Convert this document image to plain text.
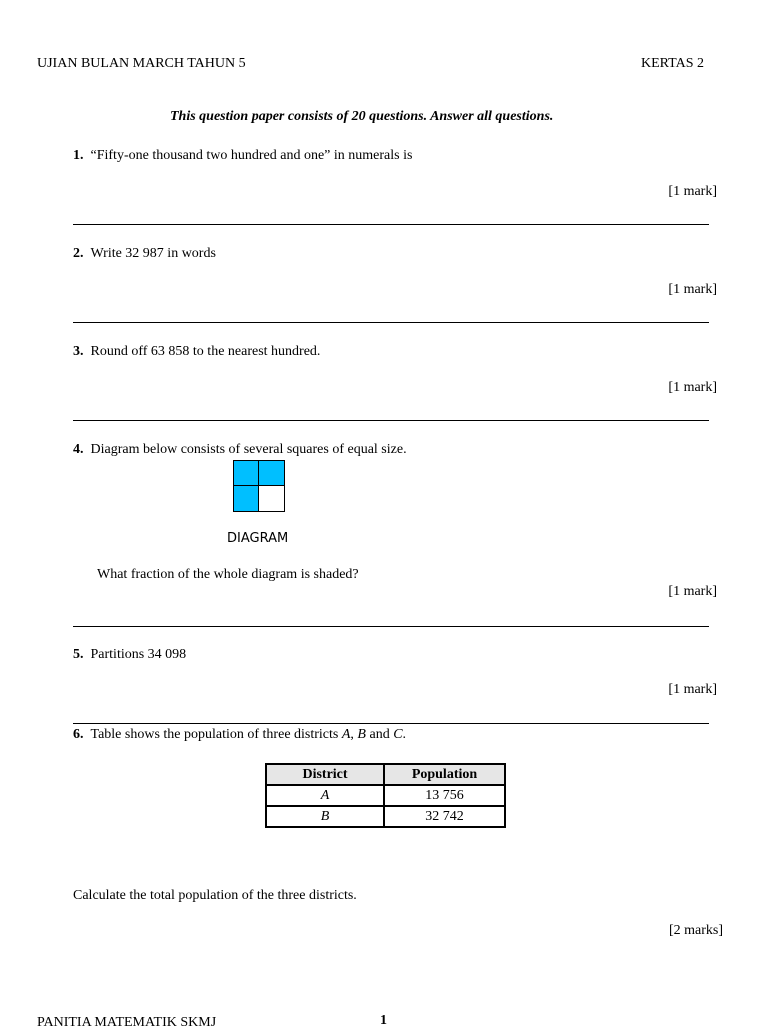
UJIAN BULAN MARCH TAHUN 5	KERTAS 2
This question paper consists of 20 questions. Answer all questions.
1. “Fifty-one thousand two hundred and one” in numerals is
[1 mark]
2. Write 32 987 in words
[1 mark]
3. Round off 63 858 to the nearest hundred.
[1 mark]
4. Diagram below consists of several squares of equal size.
DIAGRAM
What fraction of the whole diagram is shaded?
[1 mark]
5. Partitions 34 098
[1 mark]
6. Table shows the population of three districts A, B and C.
District	Population
A	13 756
B	32 742
Calculate the total population of the three districts.
[2 marks]
PANITIA MATEMATIK SKMJ	1
